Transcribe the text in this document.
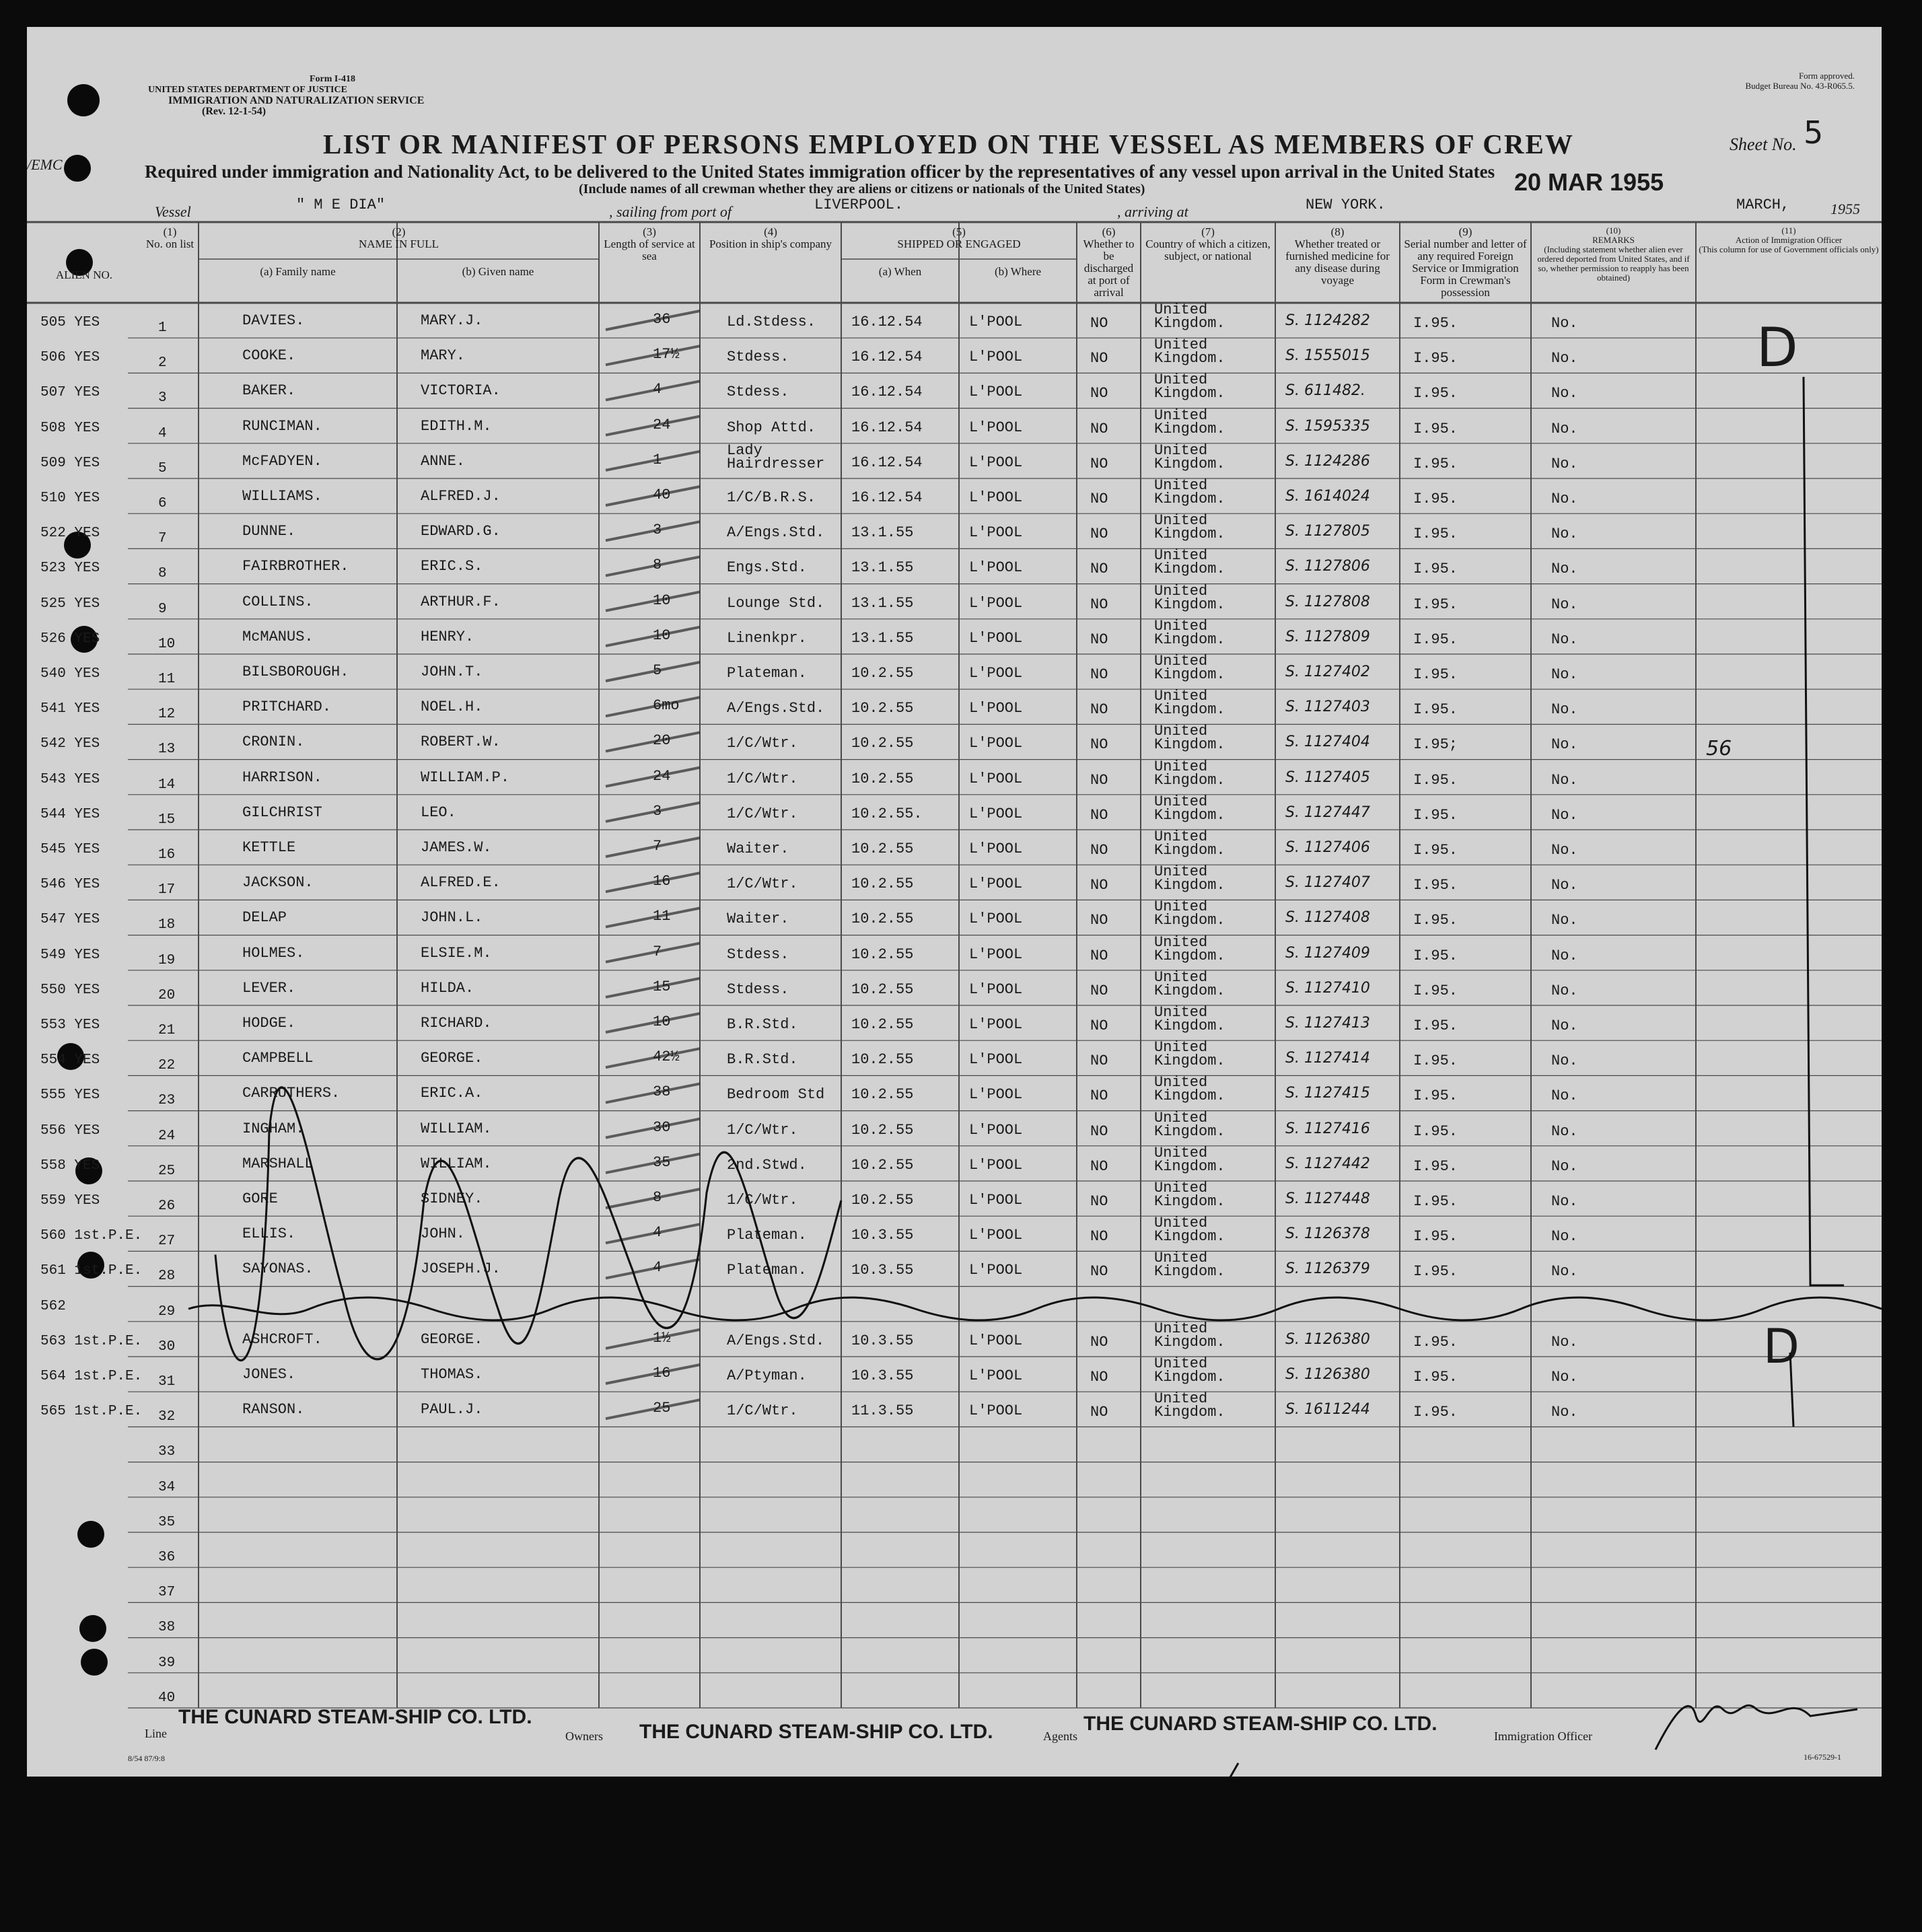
Form I-418
UNITED STATES DEPARTMENT OF JUSTICE
IMMIGRATION AND NATURALIZATION SERVICE
(Rev. 12-1-54)
Form approved.
Budget Bureau No. 43-R065.5.
/EMC
LIST OR MANIFEST OF PERSONS EMPLOYED ON THE VESSEL AS MEMBERS OF CREW	Sheet No. 5
Required under immigration and Nationality Act, to be delivered to the United States immigration officer by the representatives of any vessel upon arrival in the United States
(Include names of all crewman whether they are aliens or citizens or nationals of the United States)	20 MAR 1955
Vessel	" M E DIA"	, sailing from port of	LIVERPOOL.	, arriving at	NEW YORK.	MARCH,	1955
(1)
No. on list
ALIEN NO.
(2)
NAME IN FULL
(a) Family name	(b) Given name
(3)
Length of service at sea
(4)
Position in ship's company
(5)
SHIPPED OR ENGAGED
(a) When	(b) Where
(6)
Whether to be discharged at port of arrival
(7)
Country of which a citizen, subject, or national
(8)
Whether treated or furnished medicine for any disease during voyage
(9)
Serial number and letter of any required Foreign Service or Immigration Form in Crewman's possession
(10)
REMARKS
(Including statement whether alien ever ordered deported from United States, and if so, whether permission to reapply has been obtained)
(11)
Action of Immigration Officer
(This column for use of Government officials only)
505 YES	1	DAVIES.	MARY.J.	36	Ld.Stdess. 16.12.54	L'POOL	NO
United
Kingdom.	S. 1124282	I.95.	No.
506 YES	2	COOKE.	MARY.	17½	Stdess.	16.12.54	L'POOL	NO
United
Kingdom.	S. 1555015	I.95.	No.
507 YES	3	BAKER.	VICTORIA.	4	Stdess.	16.12.54	L'POOL	NO
United
Kingdom.	S. 611482.	I.95.	No.
508 YES	4	RUNCIMAN.	EDITH.M.	24	Shop Attd. 16.12.54	L'POOL	NO
United
Kingdom.	S. 1595335	I.95.	No.
509 YES	5	McFADYEN.	ANNE.	1
Lady
Hairdresser 16.12.54	L'POOL	NO
United
Kingdom.	S. 1124286	I.95.	No.
510 YES	6	WILLIAMS.	ALFRED.J.	40	1/C/B.R.S. 16.12.54	L'POOL	NO
United
Kingdom.	S. 1614024	I.95.	No.
522 YES	7	DUNNE.	EDWARD.G.	3	A/Engs.Std. 13.1.55	L'POOL	NO
United
Kingdom.	S. 1127805	I.95.	No.
523 YES	8	FAIRBROTHER.	ERIC.S.	8	Engs.Std.	13.1.55	L'POOL	NO
United
Kingdom.	S. 1127806	I.95.	No.
525 YES	9	COLLINS.	ARTHUR.F.	10	Lounge Std. 13.1.55	L'POOL	NO
United
Kingdom.	S. 1127808	I.95.	No.
526 YES	10	McMANUS.	HENRY.	10	Linenkpr.	13.1.55	L'POOL	NO
United
Kingdom.	S. 1127809	I.95.	No.
540 YES	11	BILSBOROUGH.	JOHN.T.	5	Plateman.	10.2.55	L'POOL	NO
United
Kingdom.	S. 1127402	I.95.	No.
541 YES	12	PRITCHARD.	NOEL.H.	6mo	A/Engs.Std. 10.2.55	L'POOL	NO
United
Kingdom.	S. 1127403	I.95.	No.
542 YES	13	CRONIN.	ROBERT.W.	20	1/C/Wtr.	10.2.55	L'POOL	NO
United
Kingdom.	S. 1127404	I.95;	No.
543 YES	14	HARRISON.	WILLIAM.P.	24	1/C/Wtr.	10.2.55	L'POOL	NO
United
Kingdom.	S. 1127405	I.95.	No.
544 YES	15	GILCHRIST	LEO.	3	1/C/Wtr.	10.2.55.	L'POOL	NO
United
Kingdom.	S. 1127447	I.95.	No.
545 YES	16	KETTLE	JAMES.W.	7	Waiter.	10.2.55	L'POOL	NO
United
Kingdom.	S. 1127406	I.95.	No.
546 YES	17	JACKSON.	ALFRED.E.	16	1/C/Wtr.	10.2.55	L'POOL	NO
United
Kingdom.	S. 1127407	I.95.	No.
547 YES	18	DELAP	JOHN.L.	11	Waiter.	10.2.55	L'POOL	NO
United
Kingdom.	S. 1127408	I.95.	No.
549 YES	19	HOLMES.	ELSIE.M.	7	Stdess.	10.2.55	L'POOL	NO
United
Kingdom.	S. 1127409	I.95.	No.
550 YES	20	LEVER.	HILDA.	15	Stdess.	10.2.55	L'POOL	NO
United
Kingdom.	S. 1127410	I.95.	No.
553 YES	21	HODGE.	RICHARD.	10	B.R.Std.	10.2.55	L'POOL	NO
United
Kingdom.	S. 1127413	I.95.	No.
554 YES	22	CAMPBELL	GEORGE.	42½	B.R.Std.	10.2.55	L'POOL	NO
United
Kingdom.	S. 1127414	I.95.	No.
555 YES	23	CARRUTHERS.	ERIC.A.	38	Bedroom Std 10.2.55	L'POOL	NO
United
Kingdom.	S. 1127415	I.95.	No.
556 YES	24	INGHAM.	WILLIAM.	30	1/C/Wtr.	10.2.55	L'POOL	NO
United
Kingdom.	S. 1127416	I.95.	No.
558 YES	25	MARSHALL	WILLIAM.	35	2nd.Stwd.	10.2.55	L'POOL	NO
United
Kingdom.	S. 1127442	I.95.	No.
559 YES	26	GORE	SIDNEY.	8	1/C/Wtr.	10.2.55	L'POOL	NO
United
Kingdom.	S. 1127448	I.95.	No.
560 1st.P.E. 27	ELLIS.	JOHN.	4	Plateman.	10.3.55	L'POOL	NO
United
Kingdom.	S. 1126378	I.95.	No.
561 1st.P.E. 28	SAYONAS.	JOSEPH.J.	4	Plateman.	10.3.55	L'POOL	NO
United
Kingdom.	S. 1126379	I.95.	No.
562	29
563 1st.P.E. 30	ASHCROFT.	GEORGE.	1½	A/Engs.Std. 10.3.55	L'POOL	NO
United
Kingdom.	S. 1126380	I.95.	No.
564 1st.P.E. 31	JONES.	THOMAS.	16	A/Ptyman.	10.3.55	L'POOL	NO
United
Kingdom.	S. 1126380	I.95.	No.
565 1st.P.E. 32	RANSON.	PAUL.J.	25	1/C/Wtr.	11.3.55	L'POOL	NO
United
Kingdom.	S. 1611244	I.95.	No.
33
34
35
36
37
38
39
40
Line
THE CUNARD STEAM-SHIP CO. LTD.
Owners THE CUNARD STEAM-SHIP CO. LTD.	Agents
THE CUNARD STEAM-SHIP CO. LTD.
Immigration Officer
8/54 87/9:8	16-67529-1
56
D
D
